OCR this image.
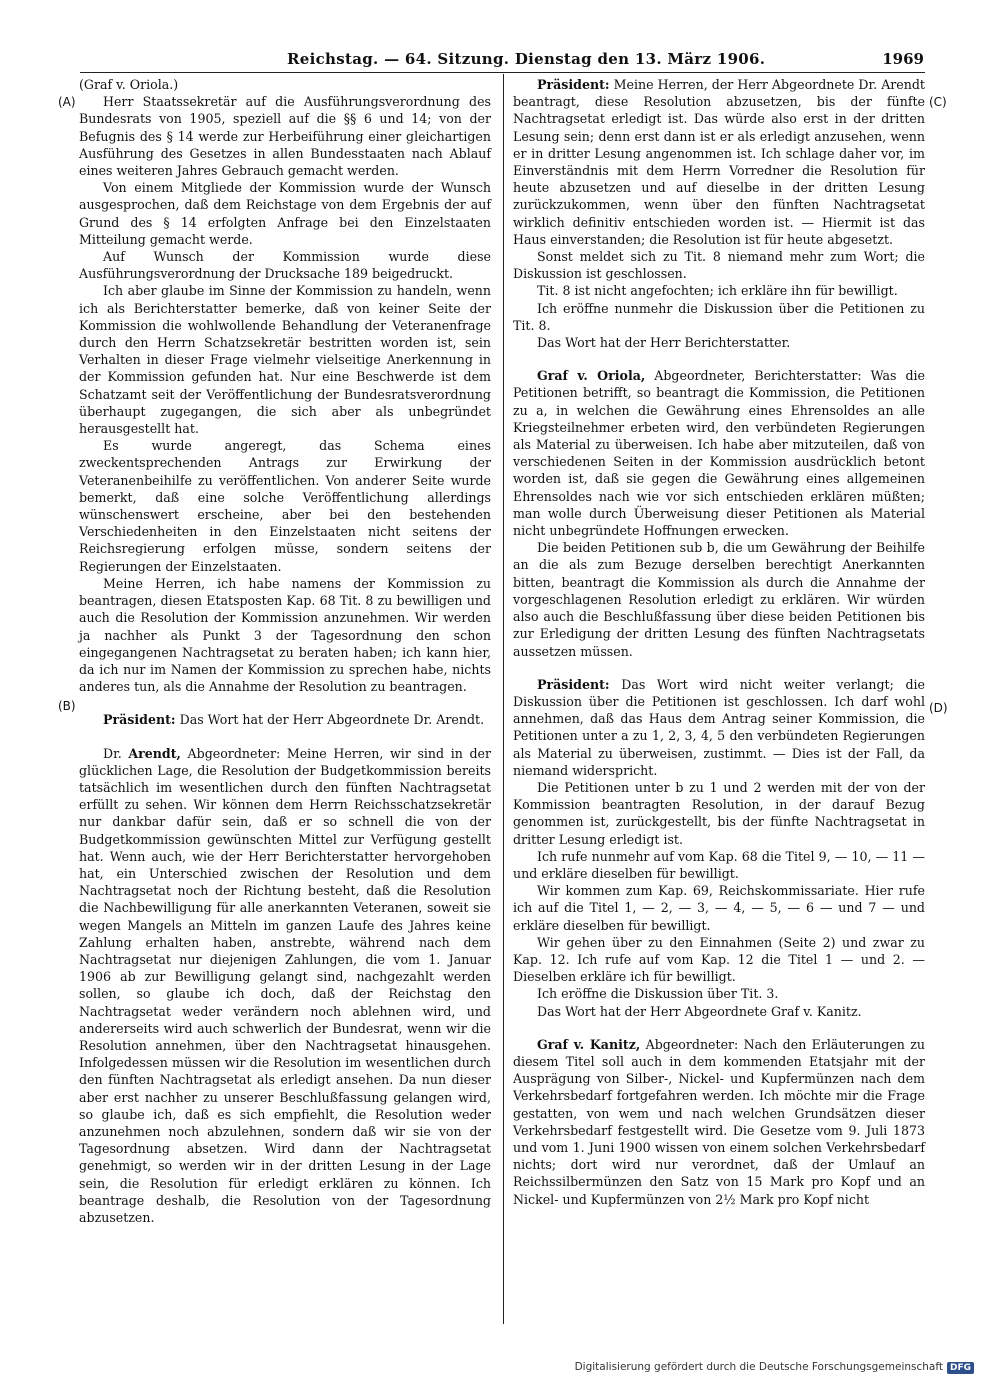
Reichstag. — 64. Sitzung. Dienstag den 13. März 1906.	1969
(A)
(B)
(C)
(D)

(Graf v. Oriola.)

Herr Staatssekretär auf die Ausführungsverordnung des Bundesrats von 1905, speziell auf die §§ 6 und 14; von der Befugnis des § 14 werde zur Herbeiführung einer gleichartigen Ausführung des Gesetzes in allen Bundesstaaten nach Ablauf eines weiteren Jahres Gebrauch gemacht werden.

Von einem Mitgliede der Kommission wurde der Wunsch ausgesprochen, daß dem Reichstage von dem Ergebnis der auf Grund des § 14 erfolgten Anfrage bei den Einzelstaaten Mitteilung gemacht werde.

Auf Wunsch der Kommission wurde diese Ausführungsverordnung der Drucksache 189 beigedruckt.

Ich aber glaube im Sinne der Kommission zu handeln, wenn ich als Berichterstatter bemerke, daß von keiner Seite der Kommission die wohlwollende Behandlung der Veteranenfrage durch den Herrn Schatzsekretär bestritten worden ist, sein Verhalten in dieser Frage vielmehr vielseitige Anerkennung in der Kommission gefunden hat. Nur eine Beschwerde ist dem Schatzamt seit der Veröffentlichung der Bundesratsverordnung überhaupt zugegangen, die sich aber als unbegründet herausgestellt hat.

Es wurde angeregt, das Schema eines zweckentsprechenden Antrags zur Erwirkung der Veteranenbeihilfe zu veröffentlichen. Von anderer Seite wurde bemerkt, daß eine solche Veröffentlichung allerdings wünschenswert erscheine, aber bei den bestehenden Verschiedenheiten in den Einzelstaaten nicht seitens der Reichsregierung erfolgen müsse, sondern seitens der Regierungen der Einzelstaaten.

Meine Herren, ich habe namens der Kommission zu beantragen, diesen Etatsposten Kap. 68 Tit. 8 zu bewilligen und auch die Resolution der Kommission anzunehmen. Wir werden ja nachher als Punkt 3 der Tagesordnung den schon eingegangenen Nachtragsetat zu beraten haben; ich kann hier, da ich nur im Namen der Kommission zu sprechen habe, nichts anderes tun, als die Annahme der Resolution zu beantragen.

Präsident: Das Wort hat der Herr Abgeordnete Dr. Arendt.

Dr. Arendt, Abgeordneter: Meine Herren, wir sind in der glücklichen Lage, die Resolution der Budgetkommission bereits tatsächlich im wesentlichen durch den fünften Nachtragsetat erfüllt zu sehen. Wir können dem Herrn Reichsschatzsekretär nur dankbar dafür sein, daß er so schnell die von der Budgetkommission gewünschten Mittel zur Verfügung gestellt hat. Wenn auch, wie der Herr Berichterstatter hervorgehoben hat, ein Unterschied zwischen der Resolution und dem Nachtragsetat noch der Richtung besteht, daß die Resolution die Nachbewilligung für alle anerkannten Veteranen, soweit sie wegen Mangels an Mitteln im ganzen Laufe des Jahres keine Zahlung erhalten haben, anstrebte, während nach dem Nachtragsetat nur diejenigen Zahlungen, die vom 1. Januar 1906 ab zur Bewilligung gelangt sind, nachgezahlt werden sollen, so glaube ich doch, daß der Reichstag den Nachtragsetat weder verändern noch ablehnen wird, und andererseits wird auch schwerlich der Bundesrat, wenn wir die Resolution annehmen, über den Nachtragsetat hinausgehen. Infolgedessen müssen wir die Resolution im wesentlichen durch den fünften Nachtragsetat als erledigt ansehen. Da nun dieser aber erst nachher zu unserer Beschlußfassung gelangen wird, so glaube ich, daß es sich empfiehlt, die Resolution weder anzunehmen noch abzulehnen, sondern daß wir sie von der Tagesordnung absetzen. Wird dann der Nachtragsetat genehmigt, so werden wir in der dritten Lesung in der Lage sein, die Resolution für erledigt erklären zu können. Ich beantrage deshalb, die Resolution von der Tagesordnung abzusetzen.

Präsident: Meine Herren, der Herr Abgeordnete Dr. Arendt beantragt, diese Resolution abzusetzen, bis der fünfte Nachtragsetat erledigt ist. Das würde also erst in der dritten Lesung sein; denn erst dann ist er als erledigt anzusehen, wenn er in dritter Lesung angenommen ist. Ich schlage daher vor, im Einverständnis mit dem Herrn Vorredner die Resolution für heute abzusetzen und auf dieselbe in der dritten Lesung zurückzukommen, wenn über den fünften Nachtragsetat wirklich definitiv entschieden worden ist. — Hiermit ist das Haus einverstanden; die Resolution ist für heute abgesetzt.

Sonst meldet sich zu Tit. 8 niemand mehr zum Wort; die Diskussion ist geschlossen.

Tit. 8 ist nicht angefochten; ich erkläre ihn für bewilligt.

Ich eröffne nunmehr die Diskussion über die Petitionen zu Tit. 8.

Das Wort hat der Herr Berichterstatter.

Graf v. Oriola, Abgeordneter, Berichterstatter: Was die Petitionen betrifft, so beantragt die Kommission, die Petitionen zu a, in welchen die Gewährung eines Ehrensoldes an alle Kriegsteilnehmer erbeten wird, den verbündeten Regierungen als Material zu überweisen. Ich habe aber mitzuteilen, daß von verschiedenen Seiten in der Kommission ausdrücklich betont worden ist, daß sie gegen die Gewährung eines allgemeinen Ehrensoldes nach wie vor sich entschieden erklären müßten; man wolle durch Überweisung dieser Petitionen als Material nicht unbegründete Hoffnungen erwecken.

Die beiden Petitionen sub b, die um Gewährung der Beihilfe an die als zum Bezuge derselben berechtigt Anerkannten bitten, beantragt die Kommission als durch die Annahme der vorgeschlagenen Resolution erledigt zu erklären. Wir würden also auch die Beschlußfassung über diese beiden Petitionen bis zur Erledigung der dritten Lesung des fünften Nachtragsetats aussetzen müssen.

Präsident: Das Wort wird nicht weiter verlangt; die Diskussion über die Petitionen ist geschlossen. Ich darf wohl annehmen, daß das Haus dem Antrag seiner Kommission, die Petitionen unter a zu 1, 2, 3, 4, 5 den verbündeten Regierungen als Material zu überweisen, zustimmt. — Dies ist der Fall, da niemand widerspricht.

Die Petitionen unter b zu 1 und 2 werden mit der von der Kommission beantragten Resolution, in der darauf Bezug genommen ist, zurückgestellt, bis der fünfte Nachtragsetat in dritter Lesung erledigt ist.

Ich rufe nunmehr auf vom Kap. 68 die Titel 9, — 10, — 11 — und erkläre dieselben für bewilligt.

Wir kommen zum Kap. 69, Reichskommissariate. Hier rufe ich auf die Titel 1, — 2, — 3, — 4, — 5, — 6 — und 7 — und erkläre dieselben für bewilligt.

Wir gehen über zu den Einnahmen (Seite 2) und zwar zu Kap. 12. Ich rufe auf vom Kap. 12 die Titel 1 — und 2. — Dieselben erkläre ich für bewilligt.

Ich eröffne die Diskussion über Tit. 3.

Das Wort hat der Herr Abgeordnete Graf v. Kanitz.

Graf v. Kanitz, Abgeordneter: Nach den Erläuterungen zu diesem Titel soll auch in dem kommenden Etatsjahr mit der Ausprägung von Silber-, Nickel- und Kupfermünzen nach dem Verkehrsbedarf fortgefahren werden. Ich möchte mir die Frage gestatten, von wem und nach welchen Grundsätzen dieser Verkehrsbedarf festgestellt wird. Die Gesetze vom 9. Juli 1873 und vom 1. Juni 1900 wissen von einem solchen Verkehrsbedarf nichts; dort wird nur verordnet, daß der Umlauf an Reichssilbermünzen den Satz von 15 Mark pro Kopf und an Nickel- und Kupfermünzen von 2½ Mark pro Kopf nicht

Digitalisierung gefördert durch die Deutsche Forschungsgemeinschaft DFG
